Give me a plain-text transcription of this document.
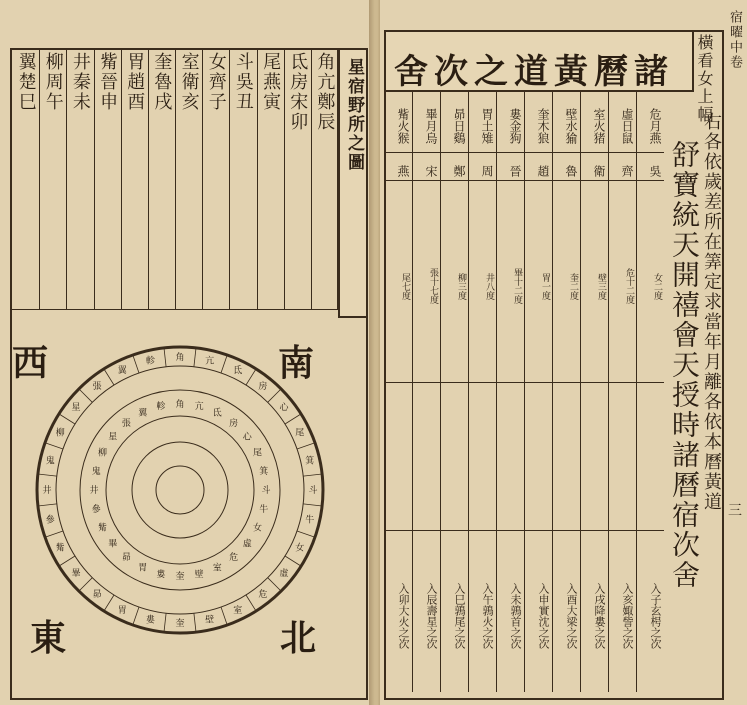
星宿野所之圖
角亢鄭辰
氐房宋卯
尾燕寅
斗吳丑
女齊子
室衛亥
奎魯戌
胃趙酉
觜晉申
井秦未
柳周午
翼楚巳
角 亢
氐
房
心
尾
箕
斗
牛
女
虛
危
室
壁
奎
婁
胃
昴
畢
觜
參
井
鬼
柳
星
張
翼
軫
角 亢
氐
房
心
尾
箕
斗
牛
女
虛
危
室
壁
奎
婁
胃
昴
畢
觜
參
井
鬼
柳
星
張
翼
軫
南
西
東	北
諸曆黃道之次舍 橫看女上幅
右各依歲差所在筭定求當年月離各依本曆黃道
舒寶統天開禧會天授時諸曆宿次舍
危月燕
吳
女二度
入子玄枵之次
虛日鼠
齊
危十二度
入亥娵訾之次
室火猪
衛
壁三度
入戌降婁之次
壁水㺄
魯
奎二度
入酉大梁之次
奎木狼
趙
胃一度
入申實沈之次
婁金狗
晉
畢十二度
入未鶉首之次
胃土雉
周
井八度
入午鶉火之次
昴日鷄
鄭
柳三度
入巳鶉尾之次
畢月烏
宋
張十七度
入辰壽星之次
觜火猴
燕
尾七度
入卯大火之次
宿曜中卷
三
